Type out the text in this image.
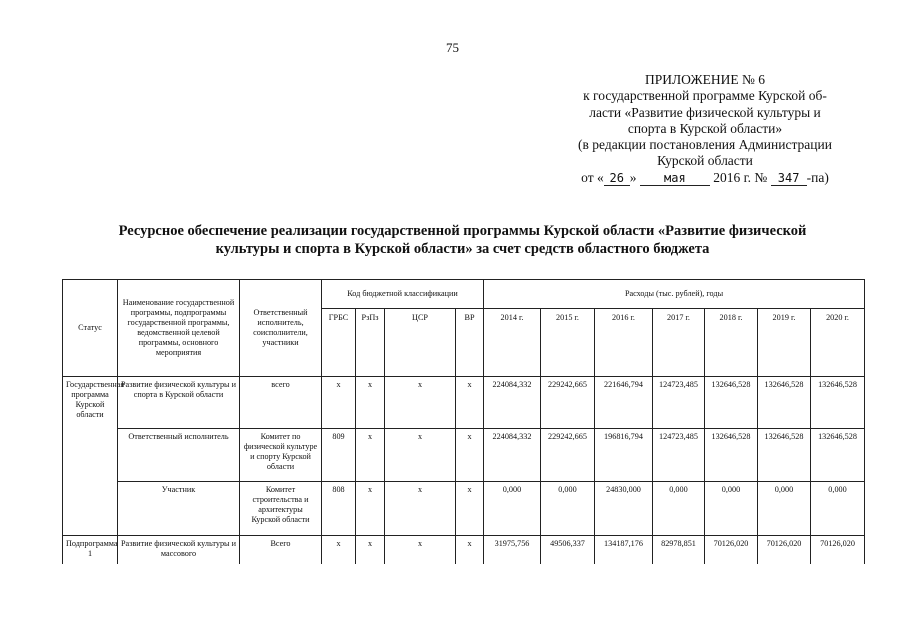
75
ПРИЛОЖЕНИЕ № 6
к государственной программе Курской об-
ласти «Развитие физической культуры и
спорта в Курской области»
(в редакции постановления Администрации
Курской области
от « 26 » мая 2016 г. № 347 -па)
Ресурсное обеспечение реализации государственной программы Курской области «Развитие физической
культуры и спорта в Курской области» за счет средств областного бюджета
Статус	Наименование государственной программы, подпрограммы государственной программы, ведомственной целевой программы, основного мероприятия	Ответственный исполнитель, соисполнители, участники	Код бюджетной классификации				Расходы (тыс. рублей), годы						
			ГРБС	РзПз	ЦСР	ВР	2014 г.	2015 г.	2016 г.	2017 г.	2018 г.	2019 г.	2020 г.
Государственная программа Курской области	Развитие физической культуры и спорта в Курской области	всего	х	х	х	х	224084,332	229242,665	221646,794	124723,485	132646,528	132646,528	132646,528
	Ответственный исполнитель	Комитет по физической культуре и спорту Курской области	809	х	х	х	224084,332	229242,665	196816,794	124723,485	132646,528	132646,528	132646,528
	Участник	Комитет строительства и архитектуры Курской области	808	х	х	х	0,000	0,000	24830,000	0,000	0,000	0,000	0,000
Подпрограмма 1	Развитие физической культуры и массового	Всего	х	х	х	х	31975,756	49506,337	134187,176	82978,851	70126,020	70126,020	70126,020
